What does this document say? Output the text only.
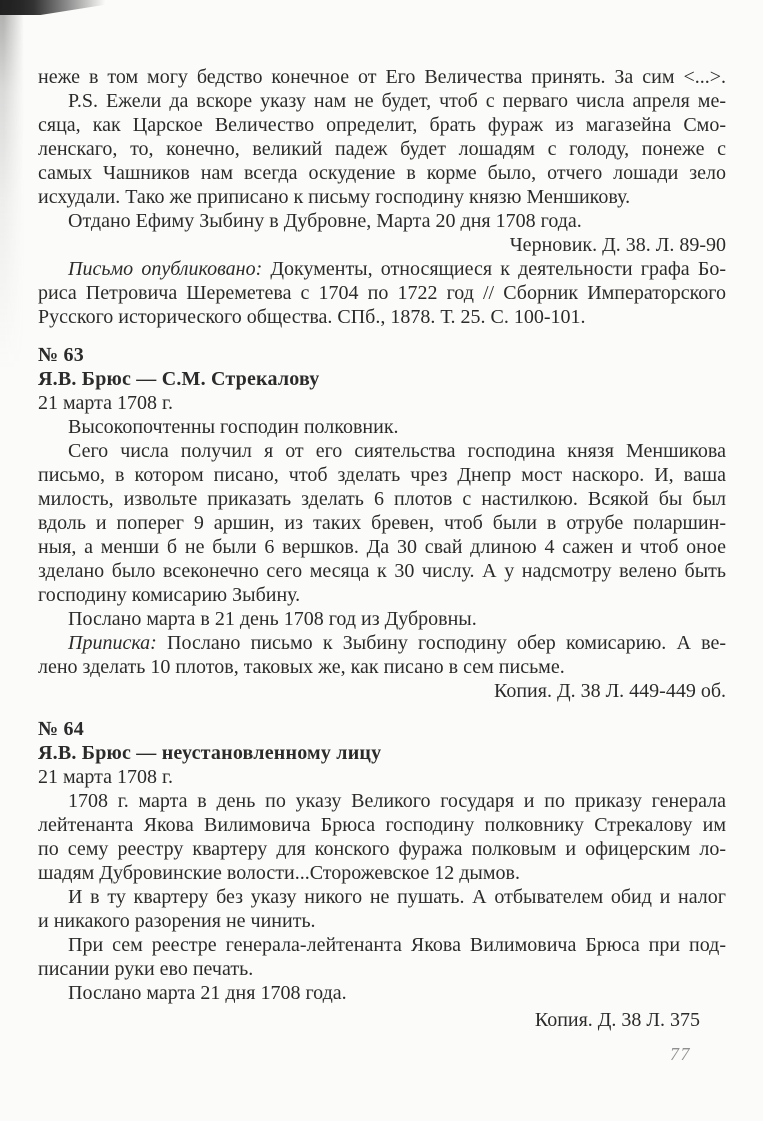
неже в том могу бедство конечное от Его Величества принять. За сим <...>.
P.S. Ежели да вскоре указу нам не будет, чтоб с перваго числа апреля ме-
сяца, как Царское Величество определит, брать фураж из магазейна Смо-
ленскаго, то, конечно, великий падеж будет лошадям с голоду, понеже с
самых Чашников нам всегда оскудение в корме было, отчего лошади зело
исхудали. Тако же приписано к письму господину князю Меншикову.
Отдано Ефиму Зыбину в Дубровне, Марта 20 дня 1708 года.
Черновик. Д. 38. Л. 89-90
Письмо опубликовано: Документы, относящиеся к деятельности графа Бо-
риса Петровича Шереметева с 1704 по 1722 год // Сборник Императорского
Русского исторического общества. СПб., 1878. Т. 25. С. 100-101.
№ 63
Я.В. Брюс — С.М. Стрекалову
21 марта 1708 г.
Высокопочтенны господин полковник.
Сего числа получил я от его сиятельства господина князя Меншикова
письмо, в котором писано, чтоб зделать чрез Днепр мост наскоро. И, ваша
милость, извольте приказать зделать 6 плотов с настилкою. Всякой бы был
вдоль и поперег 9 аршин, из таких бревен, чтоб были в отрубе поларшин-
ныя, а менши б не были 6 вершков. Да 30 свай длиною 4 сажен и чтоб оное
зделано было всеконечно сего месяца к 30 числу. А у надсмотру велено быть
господину комисарию Зыбину.
Послано марта в 21 день 1708 год из Дубровны.
Приписка: Послано письмо к Зыбину господину обер комисарию. А ве-
лено зделать 10 плотов, таковых же, как писано в сем письме.
Копия. Д. 38 Л. 449-449 об.
№ 64
Я.В. Брюс — неустановленному лицу
21 марта 1708 г.
1708 г. марта в день по указу Великого государя и по приказу генерала
лейтенанта Якова Вилимовича Брюса господину полковнику Стрекалову им
по сему реестру квартеру для конского фуража полковым и офицерским ло-
шадям Дубровинские волости...Сторожевское 12 дымов.
И в ту квартеру без указу никого не пушать. А отбывателем обид и налог
и никакого разорения не чинить.
При сем реестре генерала-лейтенанта Якова Вилимовича Брюса при под-
писании руки ево печать.
Послано марта 21 дня 1708 года.
Копия. Д. 38 Л. 375
77
